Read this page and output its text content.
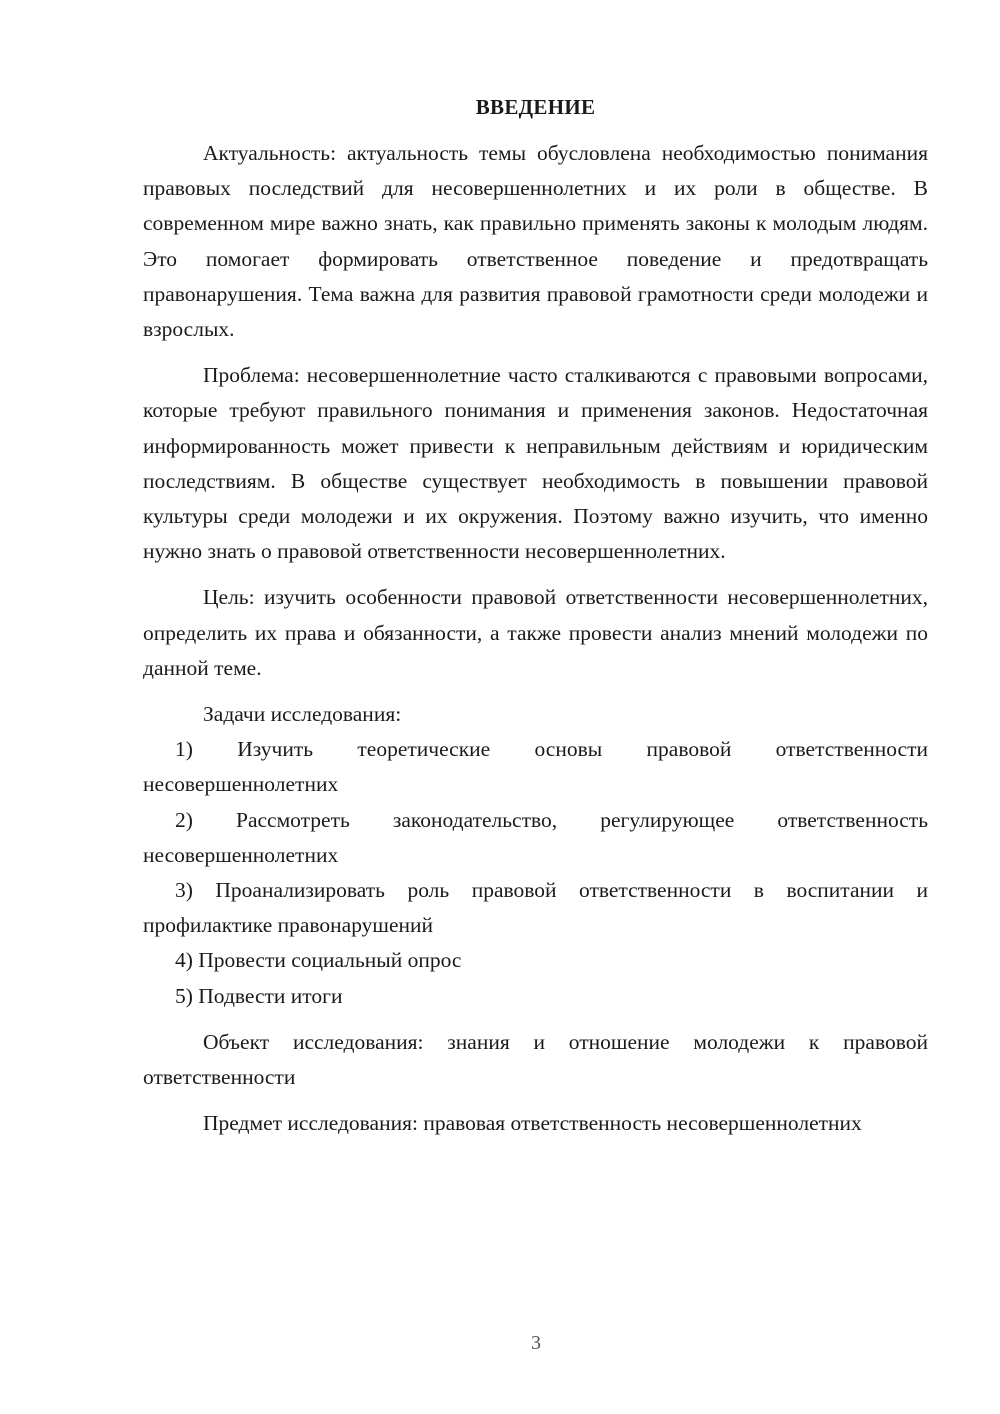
ВВЕДЕНИЕ

Актуальность: актуальность темы обусловлена необходимостью понимания правовых последствий для несовершеннолетних и их роли в обществе. В современном мире важно знать, как правильно применять законы к молодым людям. Это помогает формировать ответственное поведение и предотвращать правонарушения. Тема важна для развития правовой грамотности среди молодежи и взрослых.

Проблема: несовершеннолетние часто сталкиваются с правовыми вопросами, которые требуют правильного понимания и применения законов. Недостаточная информированность может привести к неправильным действиям и юридическим последствиям. В обществе существует необходимость в повышении правовой культуры среди молодежи и их окружения. Поэтому важно изучить, что именно нужно знать о правовой ответственности несовершеннолетних.

Цель: изучить особенности правовой ответственности несовершеннолетних, определить их права и обязанности, а также провести анализ мнений молодежи по данной теме.

Задачи исследования:

1) Изучить теоретические основы правовой ответственности несовершеннолетних

2) Рассмотреть законодательство, регулирующее ответственность несовершеннолетних

3) Проанализировать роль правовой ответственности в воспитании и профилактике правонарушений

4) Провести социальный опрос

5) Подвести итоги

Объект исследования: знания и отношение молодежи к правовой ответственности

Предмет исследования: правовая ответственность несовершеннолетних

3
